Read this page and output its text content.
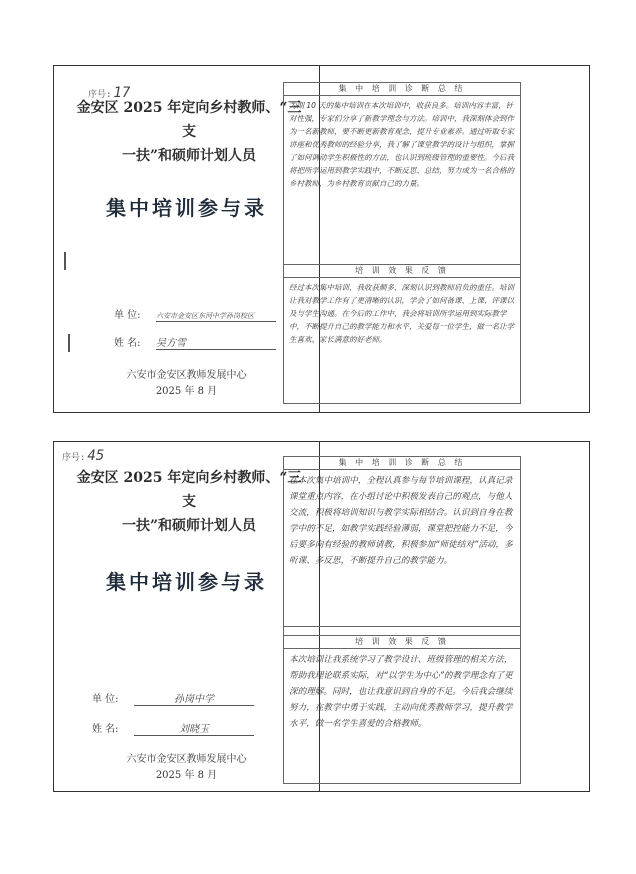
序号: 17
金安区 2025 年定向乡村教师、“三支
一扶”和硕师计划人员
集中培训参与录
单 位: 六安市金安区东河中学孙岗校区
姓 名: 吴方雪
六安市金安区教师发展中心
2025 年 8 月
集 中 培 训 诊 断 总 结

为期 10 天的集中培训在本次培训中，收获良多。培训内容丰富，针对性强，专家们分享了新教学理念与方法。培训中，我深刻体会到作为一名新教师，要不断更新教育观念，提升专业素养。通过听取专家讲座和优秀教师的经验分享，我了解了课堂教学的设计与组织，掌握了如何调动学生积极性的方法，也认识到班级管理的重要性。今后我将把所学运用到教学实践中，不断反思、总结，努力成为一名合格的乡村教师，为乡村教育贡献自己的力量。

培 训 效 果 反 馈

经过本次集中培训，我收获颇多，深刻认识到教师肩负的重任。培训让我对教学工作有了更清晰的认识，学会了如何备课、上课、评课以及与学生沟通。在今后的工作中，我会将培训所学运用到实际教学中，不断提升自己的教学能力和水平，关爱每一位学生，做一名让学生喜欢、家长满意的好老师。

序号: 45
金安区 2025 年定向乡村教师、“三支
一扶”和硕师计划人员
集中培训参与录
单 位:	孙岗中学
姓 名:	刘晓玉
六安市金安区教师发展中心
2025 年 8 月
集 中 培 训 诊 断 总 结

在本次集中培训中，全程认真参与每节培训课程，认真记录课堂重点内容，在小组讨论中积极发表自己的观点，与他人交流，积极将培训知识与教学实际相结合。认识到自身在教学中的不足，如教学实践经验薄弱，课堂把控能力不足，今后要多向有经验的教师请教，积极参加“师徒结对”活动，多听课、多反思，不断提升自己的教学能力。

培 训 效 果 反 馈

本次培训让我系统学习了教学设计、班级管理的相关方法，帮助我理论联系实际，对“以学生为中心”的教学理念有了更深的理解。同时，也让我意识到自身的不足。今后我会继续努力，在教学中勇于实践，主动向优秀教师学习，提升教学水平，做一名学生喜爱的合格教师。
